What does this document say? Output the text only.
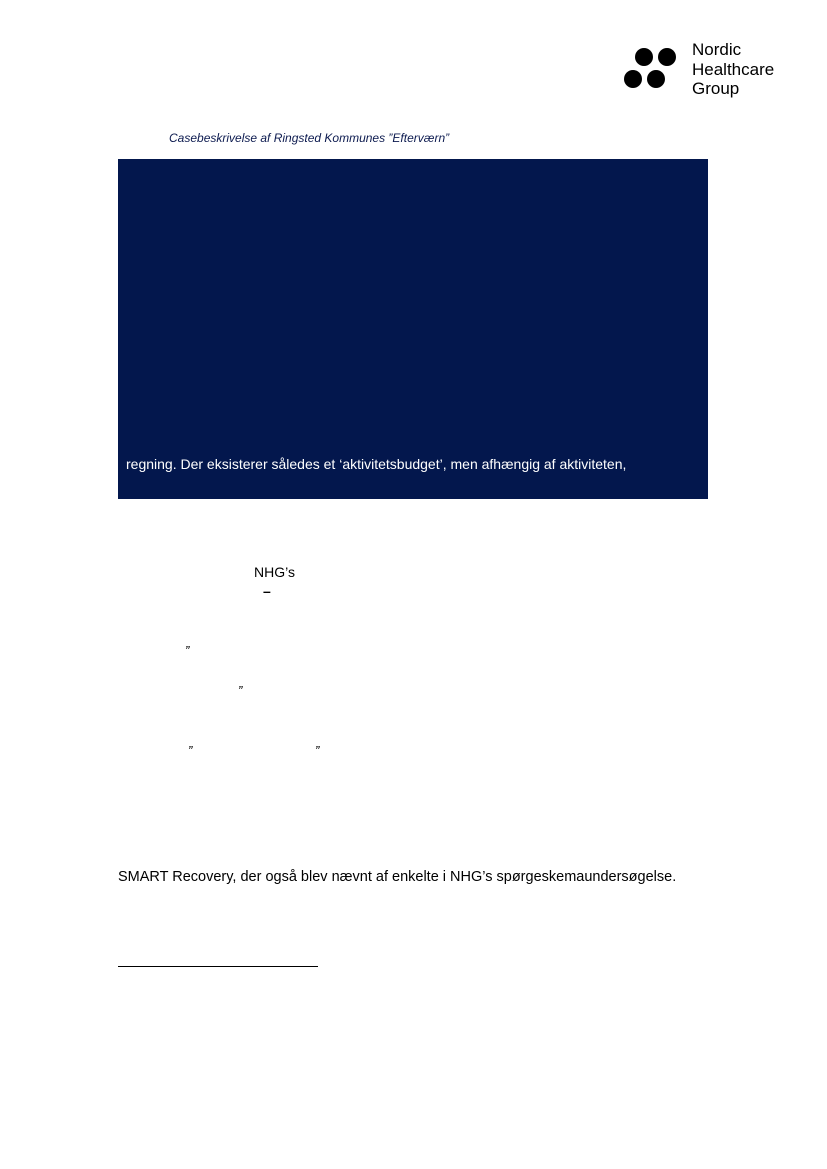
Nordic
Healthcare
Group
Casebeskrivelse af Ringsted Kommunes ”Efterværn”
regning. Der eksisterer således et ‘aktivitetsbudget’, men afhængig af aktiviteten,
NHG’s
–
”
”
”	”
SMART Recovery, der også blev nævnt af enkelte i NHG’s spørgeskemaundersøgelse.
